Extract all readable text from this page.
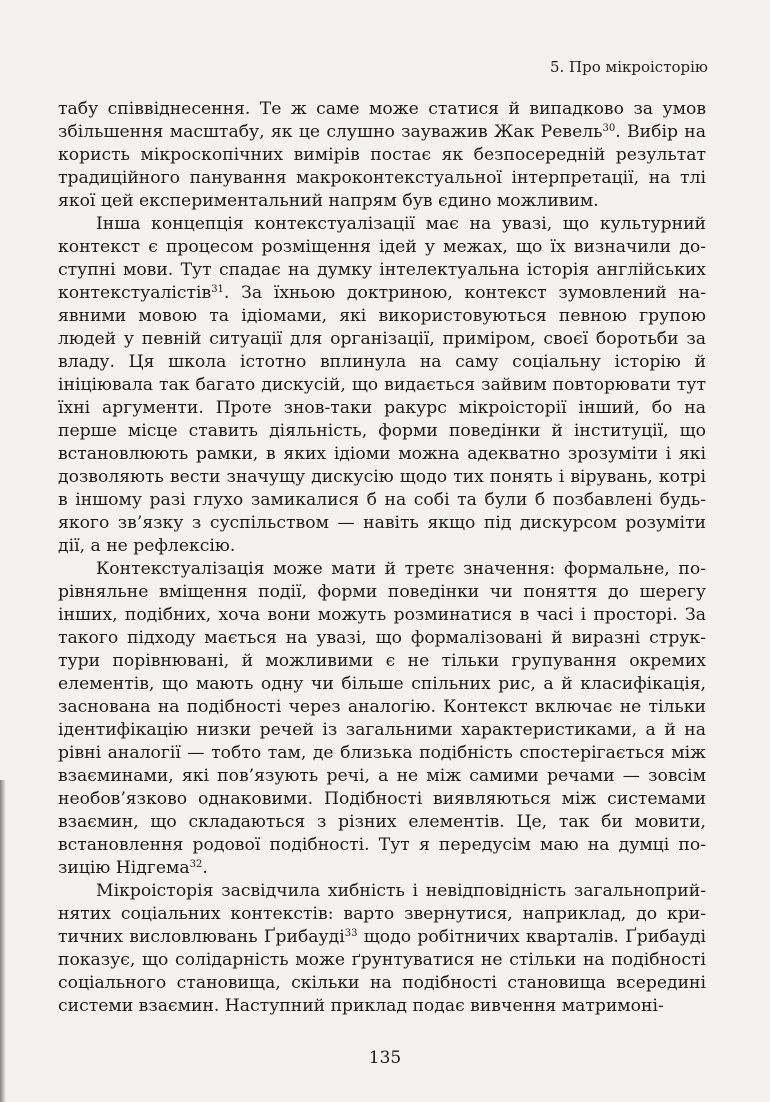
5. Про мікроісторію

табу співвіднесення. Те ж саме може статися й випадково за умов збільшення масштабу, як це слушно зауважив Жак Ревель$^{30}$. Вибір на користь мікроскопічних вимірів постає як безпосередній результат традиційного панування макроконтекстуальної інтерпретації, на тлі якої цей експериментальний напрям був єдино можливим.

Інша концепція контекстуалізації має на увазі, що культурний контекст є процесом розміщення ідей у межах, що їх визначили доступні мови. Тут спадає на думку інтелектуальна історія англійських контекстуалістів$^{31}$. За їхньою доктриною, контекст зумовлений наявними мовою та ідіомами, які використовуються певною групою людей у певній ситуації для організації, приміром, своєї боротьби за владу. Ця школа істотно вплинула на саму соціальну історію й ініціювала так багато дискусій, що видається зайвим повторювати тут їхні аргументи. Проте знов-таки ракурс мікроісторії інший, бо на перше місце ставить діяльність, форми поведінки й інституції, що встановлюють рамки, в яких ідіоми можна адекватно зрозуміти і які дозволяють вести значущу дискусію щодо тих понять і вірувань, котрі в іншому разі глухо замикалися б на собі та були б позбавлені будь-якого зв’язку з суспільством — навіть якщо під дискурсом розуміти дії, а не рефлексію.

Контекстуалізація може мати й третє значення: формальне, порівняльне вміщення події, форми поведінки чи поняття до шерегу інших, подібних, хоча вони можуть розминатися в часі і просторі. За такого підходу мається на увазі, що формалізовані й виразні структури порівнювані, й можливими є не тільки групування окремих елементів, що мають одну чи більше спільних рис, а й класифікація, заснована на подібності через аналогію. Контекст включає не тільки ідентифікацію низки речей із загальними характеристиками, а й на рівні аналогії — тобто там, де близька подібність спостерігається між взаєминами, які пов’язують речі, а не між самими речами — зовсім необов’язково однаковими. Подібності виявляються між системами взаємин, що складаються з різних елементів. Це, так би мовити, встановлення родової подібності. Тут я передусім маю на думці позицію Нідгема$^{32}$.

Мікроісторія засвідчила хибність і невідповідність загальноприйнятих соціальних контекстів: варто звернутися, наприклад, до критичних висловлювань Ґрибауді$^{33}$ щодо робітничих кварталів. Ґрибауді показує, що солідарність може ґрунтуватися не стільки на подібності соціального становища, скільки на подібності становища всередині системи взаємин. Наступний приклад подає вивчення матримоні-

135
